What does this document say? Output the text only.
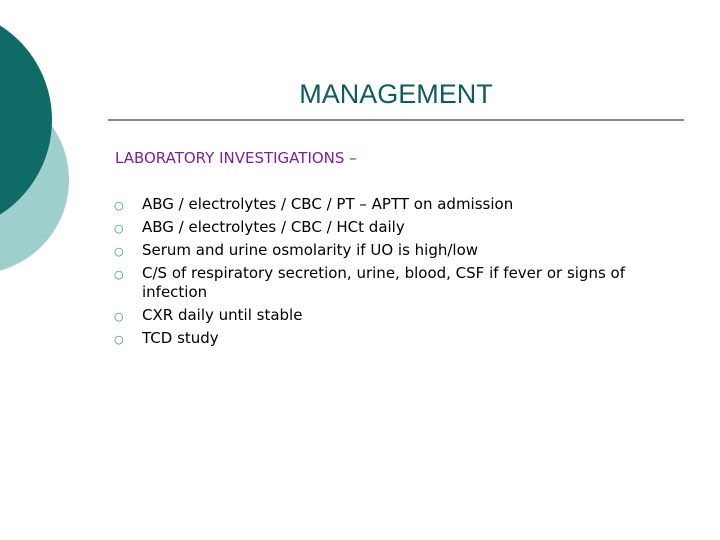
MANAGEMENT
LABORATORY INVESTIGATIONS –
○ ABG / electrolytes / CBC / PT – APTT on admission
○ ABG / electrolytes / CBC / HCt daily
○ Serum and urine osmolarity if UO is high/low
○ C/S of respiratory secretion, urine, blood, CSF if fever or signs of infection
○ CXR daily until stable
○ TCD study
